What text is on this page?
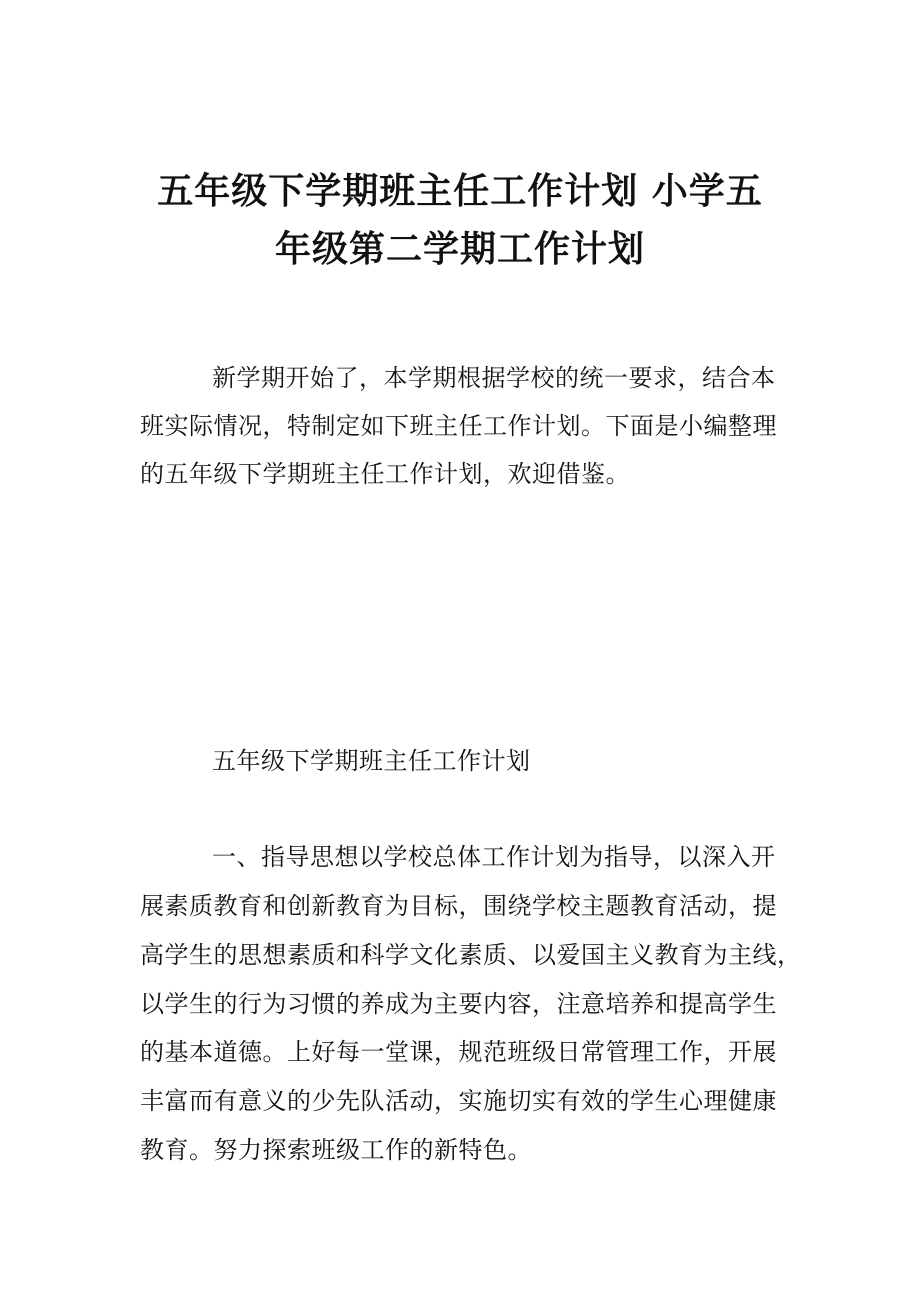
五年级下学期班主任工作计划 小学五
年级第二学期工作计划
新学期开始了，本学期根据学校的统一要求，结合本
班实际情况，特制定如下班主任工作计划。下面是小编整理
的五年级下学期班主任工作计划，欢迎借鉴。
五年级下学期班主任工作计划
一、指导思想以学校总体工作计划为指导，以深入开
展素质教育和创新教育为目标，围绕学校主题教育活动，提
高学生的思想素质和科学文化素质、以爱国主义教育为主线，
以学生的行为习惯的养成为主要内容，注意培养和提高学生
的基本道德。上好每一堂课，规范班级日常管理工作，开展
丰富而有意义的少先队活动，实施切实有效的学生心理健康
教育。努力探索班级工作的新特色。
